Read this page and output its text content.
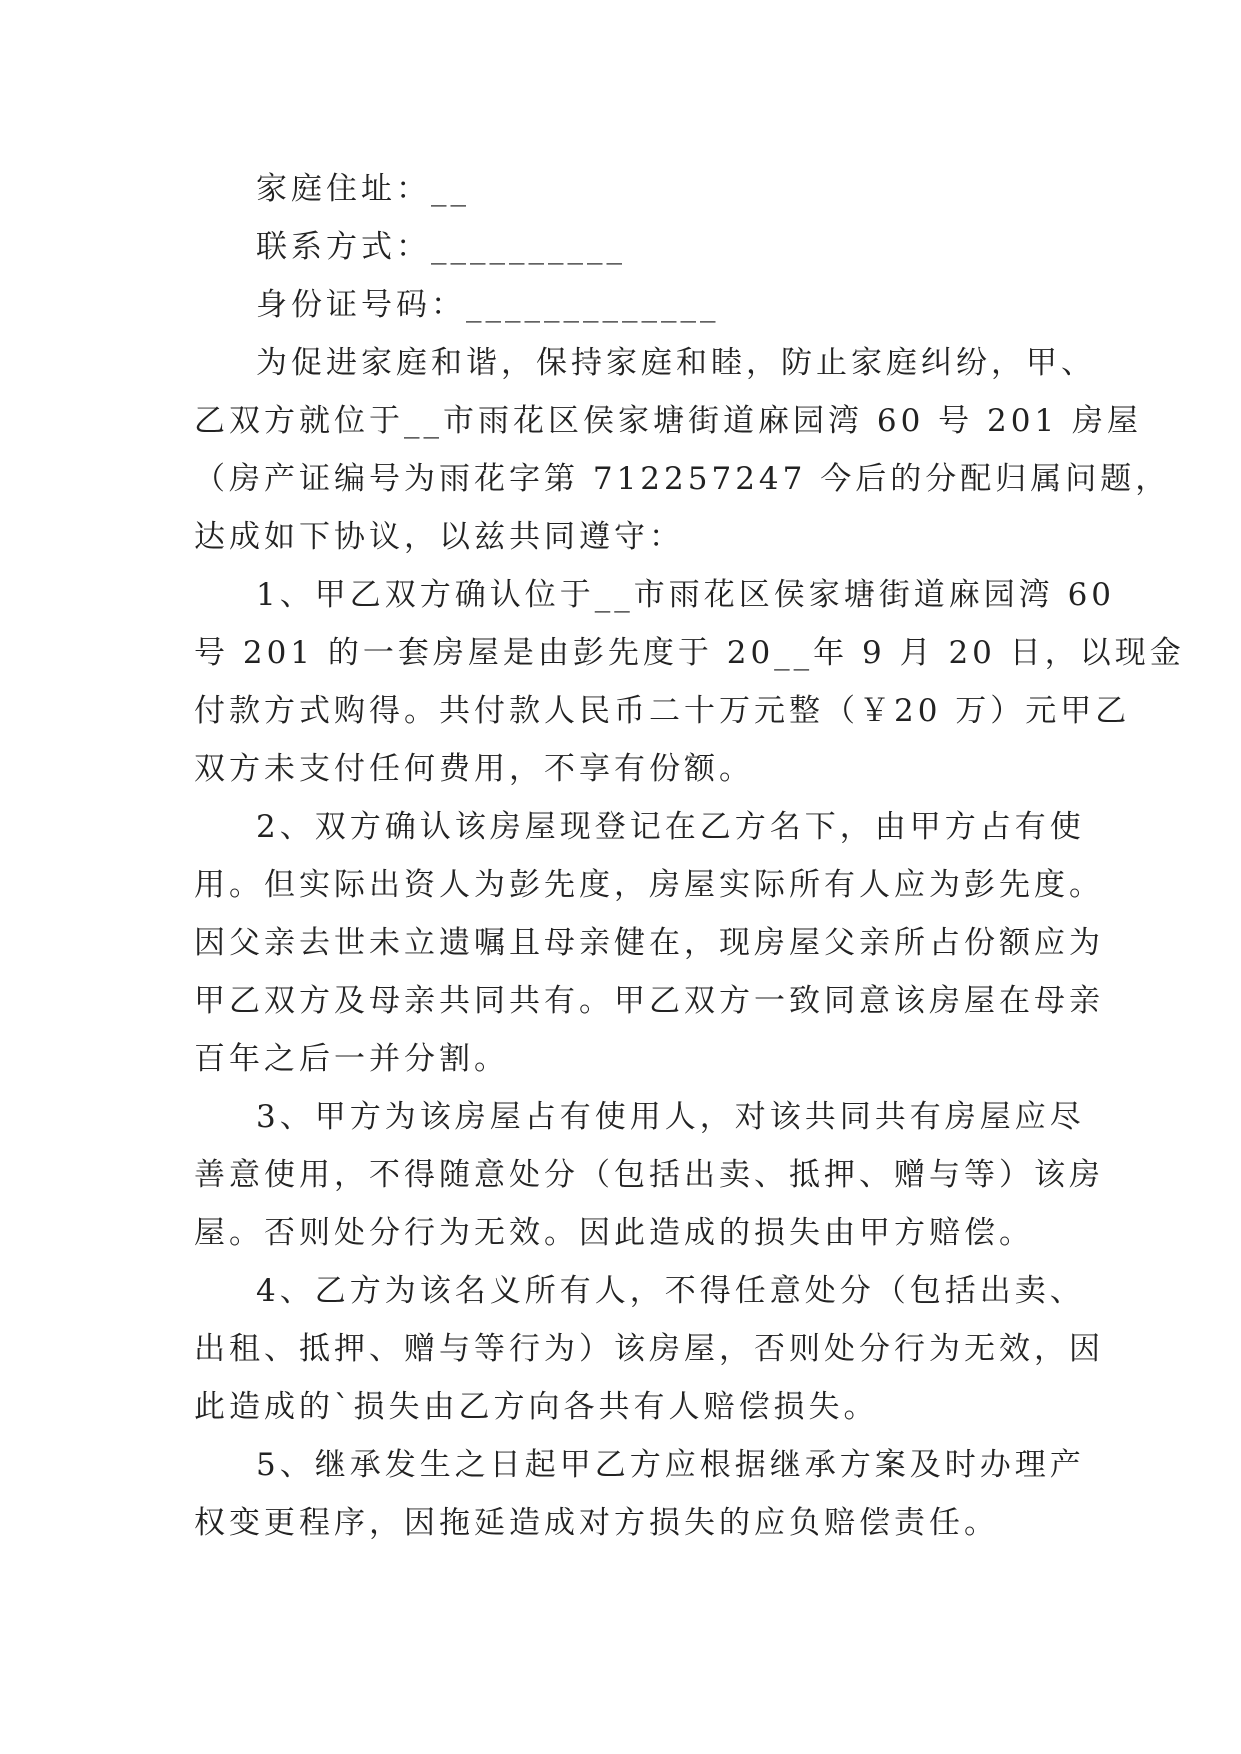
家庭住址：__
联系方式：__________
身份证号码：_____________
为促进家庭和谐，保持家庭和睦，防止家庭纠纷，甲、
乙双方就位于__市雨花区侯家塘街道麻园湾 60 号 201 房屋
（房产证编号为雨花字第 712257247 今后的分配归属问题，
达成如下协议，以兹共同遵守：
1、甲乙双方确认位于__市雨花区侯家塘街道麻园湾 60
号 201 的一套房屋是由彭先度于 20__年 9 月 20 日，以现金
付款方式购得。共付款人民币二十万元整（￥20 万）元甲乙
双方未支付任何费用，不享有份额。
2、双方确认该房屋现登记在乙方名下，由甲方占有使
用。但实际出资人为彭先度，房屋实际所有人应为彭先度。
因父亲去世未立遗嘱且母亲健在，现房屋父亲所占份额应为
甲乙双方及母亲共同共有。甲乙双方一致同意该房屋在母亲
百年之后一并分割。
3、甲方为该房屋占有使用人，对该共同共有房屋应尽
善意使用，不得随意处分（包括出卖、抵押、赠与等）该房
屋。否则处分行为无效。因此造成的损失由甲方赔偿。
4、乙方为该名义所有人，不得任意处分（包括出卖、
出租、抵押、赠与等行为）该房屋，否则处分行为无效，因
此造成的`损失由乙方向各共有人赔偿损失。
5、继承发生之日起甲乙方应根据继承方案及时办理产
权变更程序，因拖延造成对方损失的应负赔偿责任。
